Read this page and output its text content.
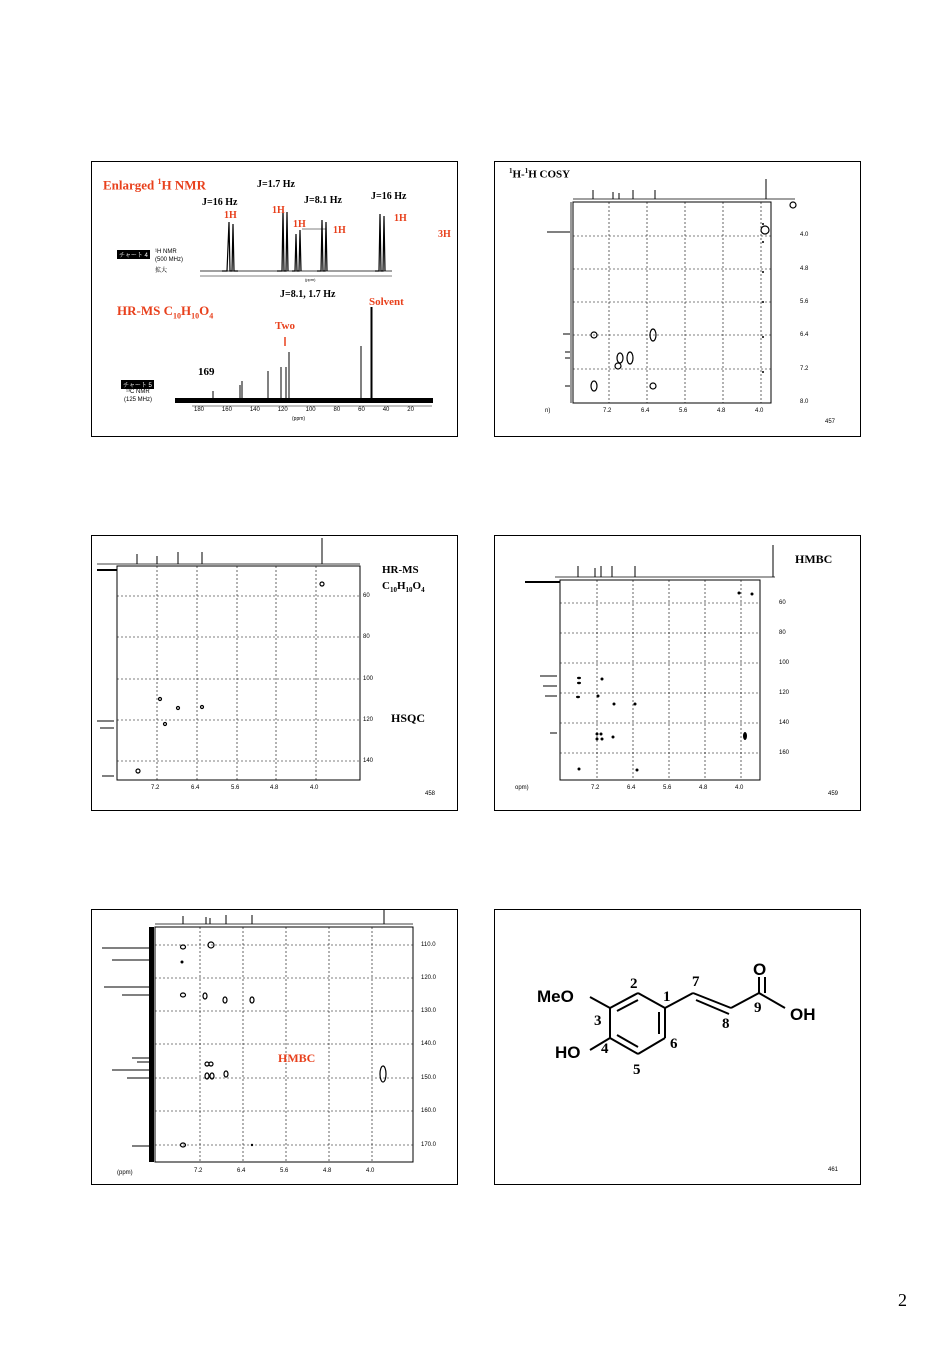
Enlarged $^1$H NMR	J=1.7 Hz
J=16 Hz	J=8.1 Hz	J=16 Hz
1H	1H
1H
1H
1H
3H
チャート 4
¹H NMR
(500 MHz)
拡大
(ppm)
J=8.1, 1.7 Hz
HR-MS $C_{10}H_{10}O_4$
Solvent
Two
169
チャート 5
¹³C NMR
(125 MHz)
180	160	140	120	100	80	60	40	20
(ppm)
$^1$H-$^1$H COSY
7.2	6.4	5.6	4.8	4.0
4.0
4.8
5.6
6.4
7.2
8.0
n)
457
HR-MS
$C_{10}H_{10}O_4$
HSQC
7.2	6.4	5.6	4.8	4.0
60
80
100
120
140
458
HMBC
7.2	6.4	5.6	4.8	4.0
60
80
100
120
140
160
opm)
459
HMBC
7.2	6.4	5.6	4.8	4.0
110.0
120.0
130.0
140.0
150.0
160.0
170.0
(ppm)
MeO
HO
O
OH
1
2
3
4
5
6
7
8
9
461
2
